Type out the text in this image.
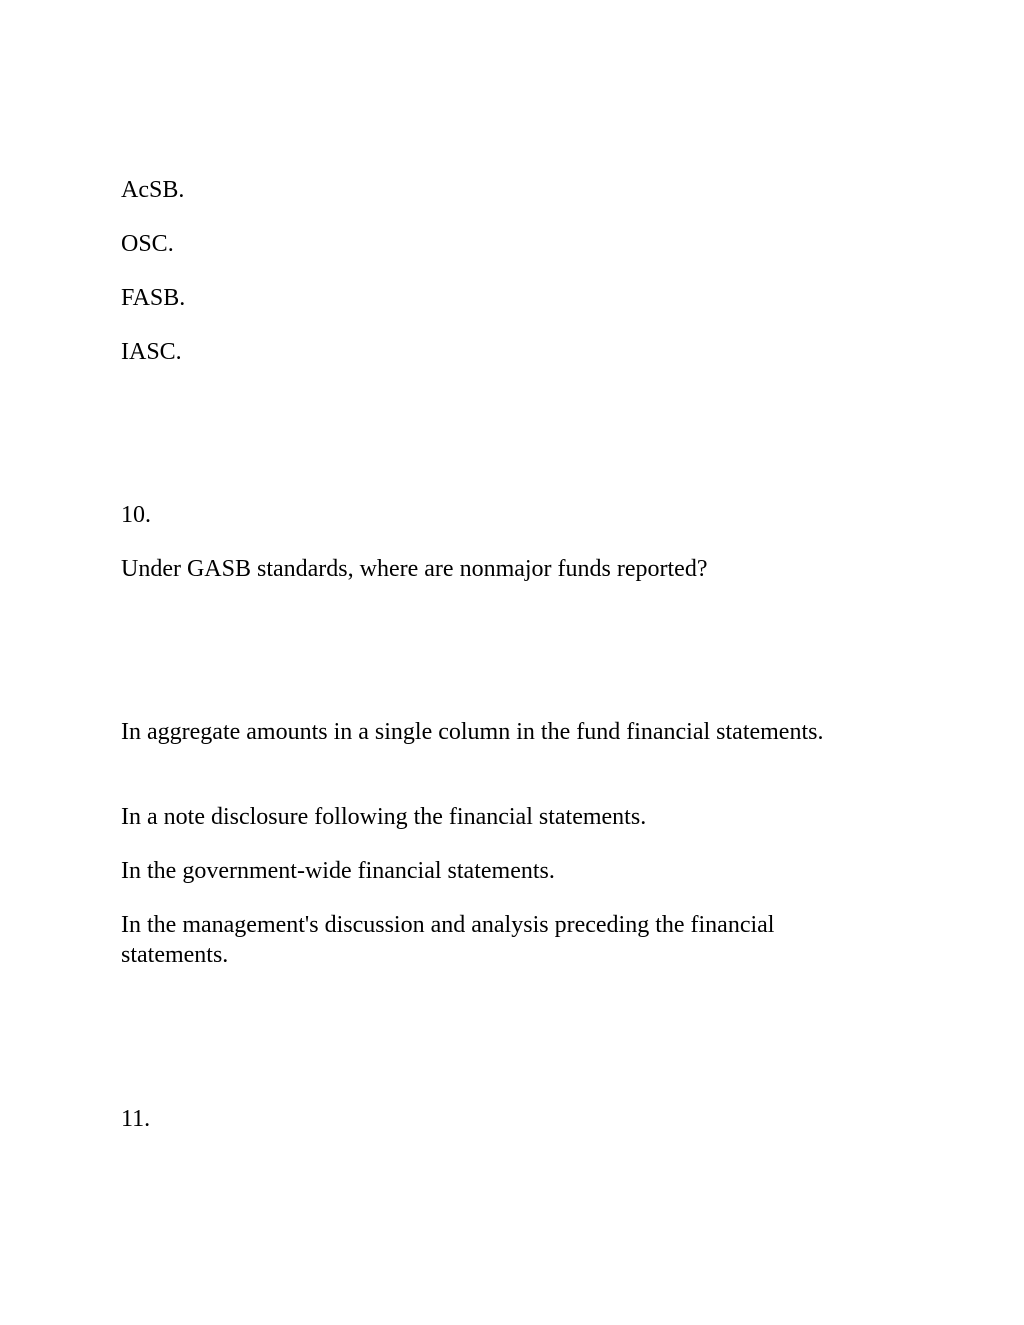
AcSB.

OSC.

FASB.

IASC.

10.

Under GASB standards, where are nonmajor funds reported?

In aggregate amounts in a single column in the fund financial statements.

In a note disclosure following the financial statements.

In the government-wide financial statements.

In the management's discussion and analysis preceding the financial statements.

11.
